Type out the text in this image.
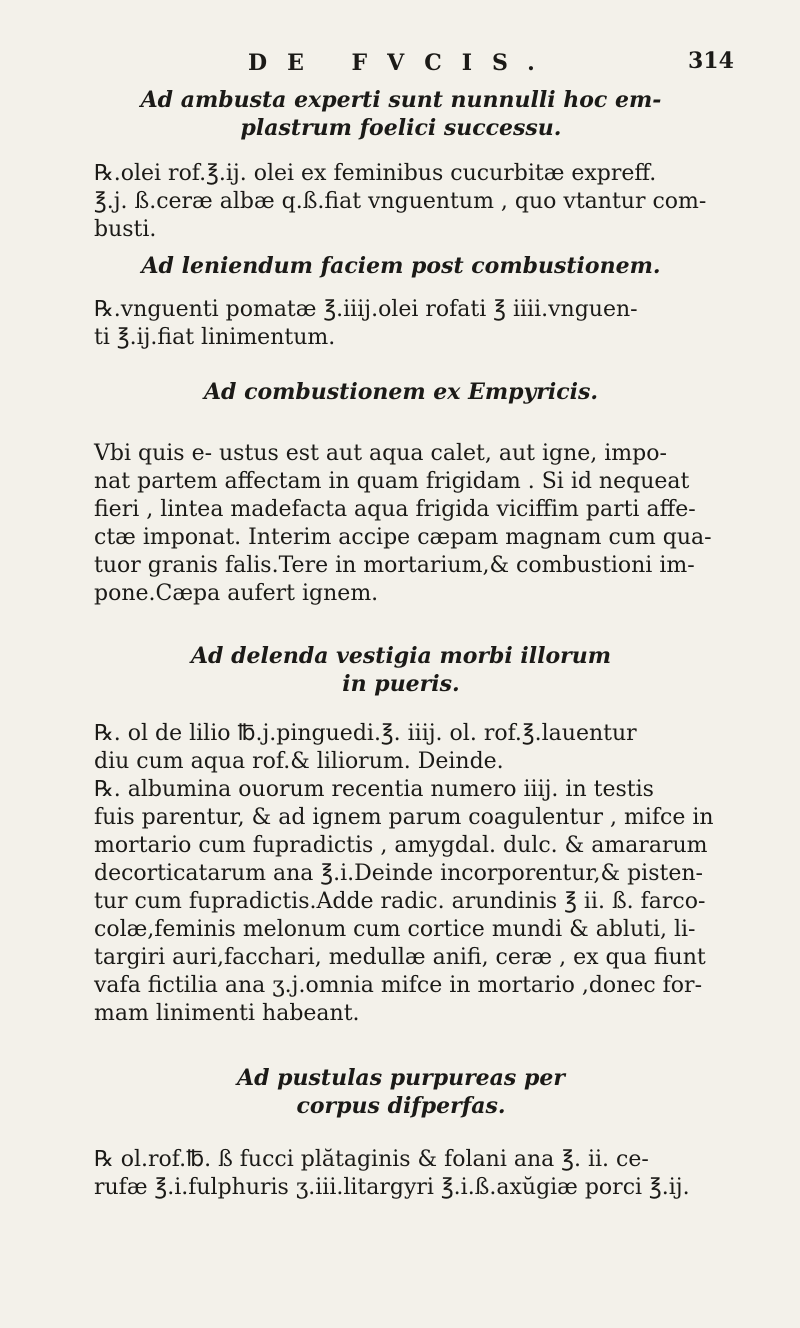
DE FVCIS.	314

Ad ambusta experti sunt nunnulli hoc em-
plastrum foelici successu.

℞.olei rof.℥.ij. olei ex feminibus cucurbitæ expreff.
℥.j. ß.ceræ albæ q.ß.fiat vnguentum , quo vtantur com-
busti.

Ad leniendum faciem post combustionem.

℞.vnguenti pomatæ ℥.iiij.olei rofati ℥ iiii.vnguen-
ti ℥.ij.fiat linimentum.

Ad combustionem ex Empyricis.

Vbi quis e- ustus est aut aqua calet, aut igne, impo-
nat partem affectam in quam frigidam . Si id nequeat
fieri , lintea madefacta aqua frigida viciffim parti affe-
ctæ imponat. Interim accipe cæpam magnam cum qua-
tuor granis falis.Tere in mortarium,& combustioni im-
pone.Cæpa aufert ignem.

Ad delenda vestigia morbi illorum
in pueris.

℞. ol de lilio ℔.j.pinguedi.℥. iiij. ol. rof.℥.lauentur
diu cum aqua rof.& liliorum. Deinde.
℞. albumina ouorum recentia numero iiij. in testis
fuis parentur, & ad ignem parum coagulentur , mifce in
mortario cum fupradictis , amygdal. dulc. & amararum
decorticatarum ana ℥.i.Deinde incorporentur,& pisten-
tur cum fupradictis.Adde radic. arundinis ℥ ii. ß. farco-
colæ,feminis melonum cum cortice mundi & abluti, li-
targiri auri,facchari, medullæ anifi, ceræ , ex qua fiunt
vafa fictilia ana ʒ.j.omnia mifce in mortario ,donec for-
mam linimenti habeant.

Ad pustulas purpureas per
corpus difperfas.

℞ ol.rof.℔. ß fucci plătaginis & folani ana ℥. ii. ce-
rufæ ℥.i.fulphuris ʒ.iii.litargyri ℥.i.ß.axŭgiæ porci ℥.ij.
